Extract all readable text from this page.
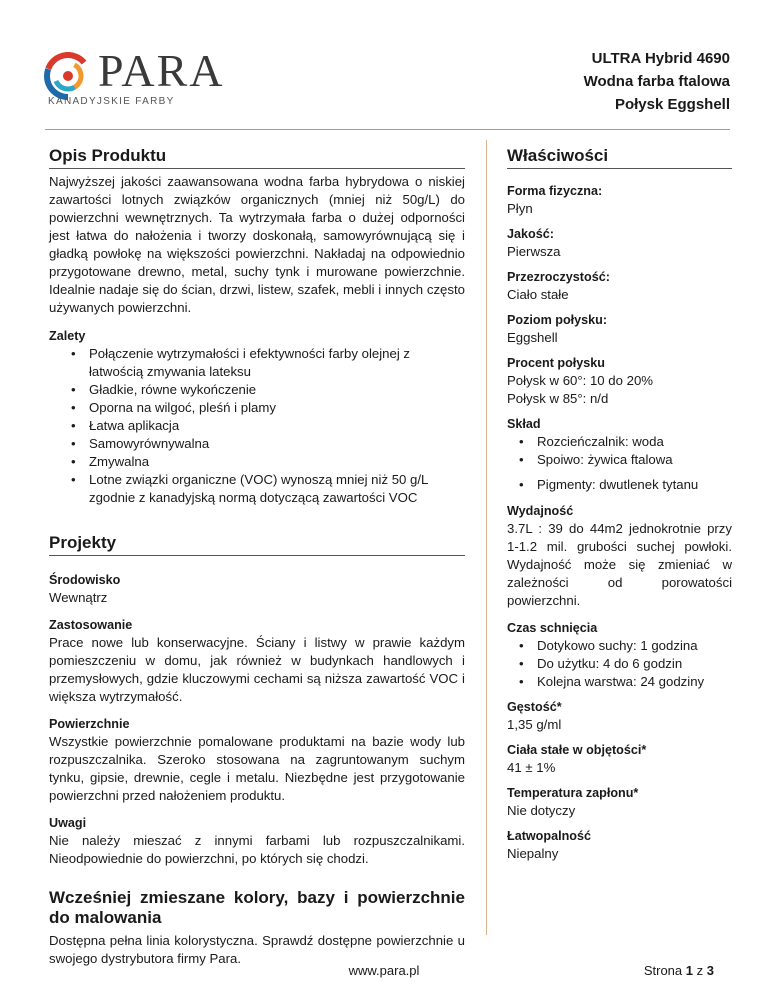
PARA
KANADYJSKIE FARBY
ULTRA Hybrid 4690
Wodna farba ftalowa
Połysk Eggshell
Opis Produktu
Najwyższej jakości zaawansowana wodna farba hybrydowa o niskiej zawartości lotnych związków organicznych (mniej niż 50g/L) do powierzchni wewnętrznych. Ta wytrzymała farba o dużej odporności jest łatwa do nałożenia i tworzy doskonałą, samowyrównującą się i gładką powłokę na większości powierzchni. Nakładaj na odpowiednio przygotowane drewno, metal, suchy tynk i murowane powierzchnie. Idealnie nadaje się do ścian, drzwi, listew, szafek, mebli i innych często używanych powierzchni.
Zalety
• Połączenie wytrzymałości i efektywności farby olejnej z łatwością zmywania lateksu
• Gładkie, równe wykończenie
• Oporna na wilgoć, pleśń i plamy
• Łatwa aplikacja
• Samowyrównywalna
• Zmywalna
• Lotne związki organiczne (VOC) wynoszą mniej niż 50 g/L zgodnie z kanadyjską normą dotyczącą zawartości VOC
Projekty
Środowisko
Wewnątrz
Zastosowanie
Prace nowe lub konserwacyjne. Ściany i listwy w prawie każdym pomieszczeniu w domu, jak również w budynkach handlowych i przemysłowych, gdzie kluczowymi cechami są niższa zawartość VOC i większa wytrzymałość.
Powierzchnie
Wszystkie powierzchnie pomalowane produktami na bazie wody lub rozpuszczalnika. Szeroko stosowana na zagruntowanym suchym tynku, gipsie, drewnie, cegle i metalu. Niezbędne jest przygotowanie powierzchni przed nałożeniem produktu.
Uwagi
Nie należy mieszać z innymi farbami lub rozpuszczalnikami. Nieodpowiednie do powierzchni, po których się chodzi.
Wcześniej zmieszane kolory, bazy i powierzchnie do malowania
Dostępna pełna linia kolorystyczna. Sprawdź dostępne powierzchnie u swojego dystrybutora firmy Para.
Właściwości
Forma fizyczna:
Płyn
Jakość:
Pierwsza
Przezroczystość:
Ciało stałe
Poziom połysku:
Eggshell
Procent połysku
Połysk w 60°: 10 do 20%
Połysk w 85°: n/d
Skład
• Rozcieńczalnik: woda
• Spoiwo: żywica ftalowa
• Pigmenty: dwutlenek tytanu
Wydajność
3.7L : 39 do 44m2 jednokrotnie przy 1-1.2 mil. grubości suchej powłoki. Wydajność może się zmieniać w zależności od porowatości powierzchni.
Czas schnięcia
• Dotykowo suchy: 1 godzina
• Do użytku: 4 do 6 godzin
• Kolejna warstwa: 24 godziny
Gęstość*
1,35 g/ml
Ciała stałe w objętości*
41 ± 1%
Temperatura zapłonu*
Nie dotyczy
Łatwopalność
Niepalny
www.para.pl	Strona 1 z 3
